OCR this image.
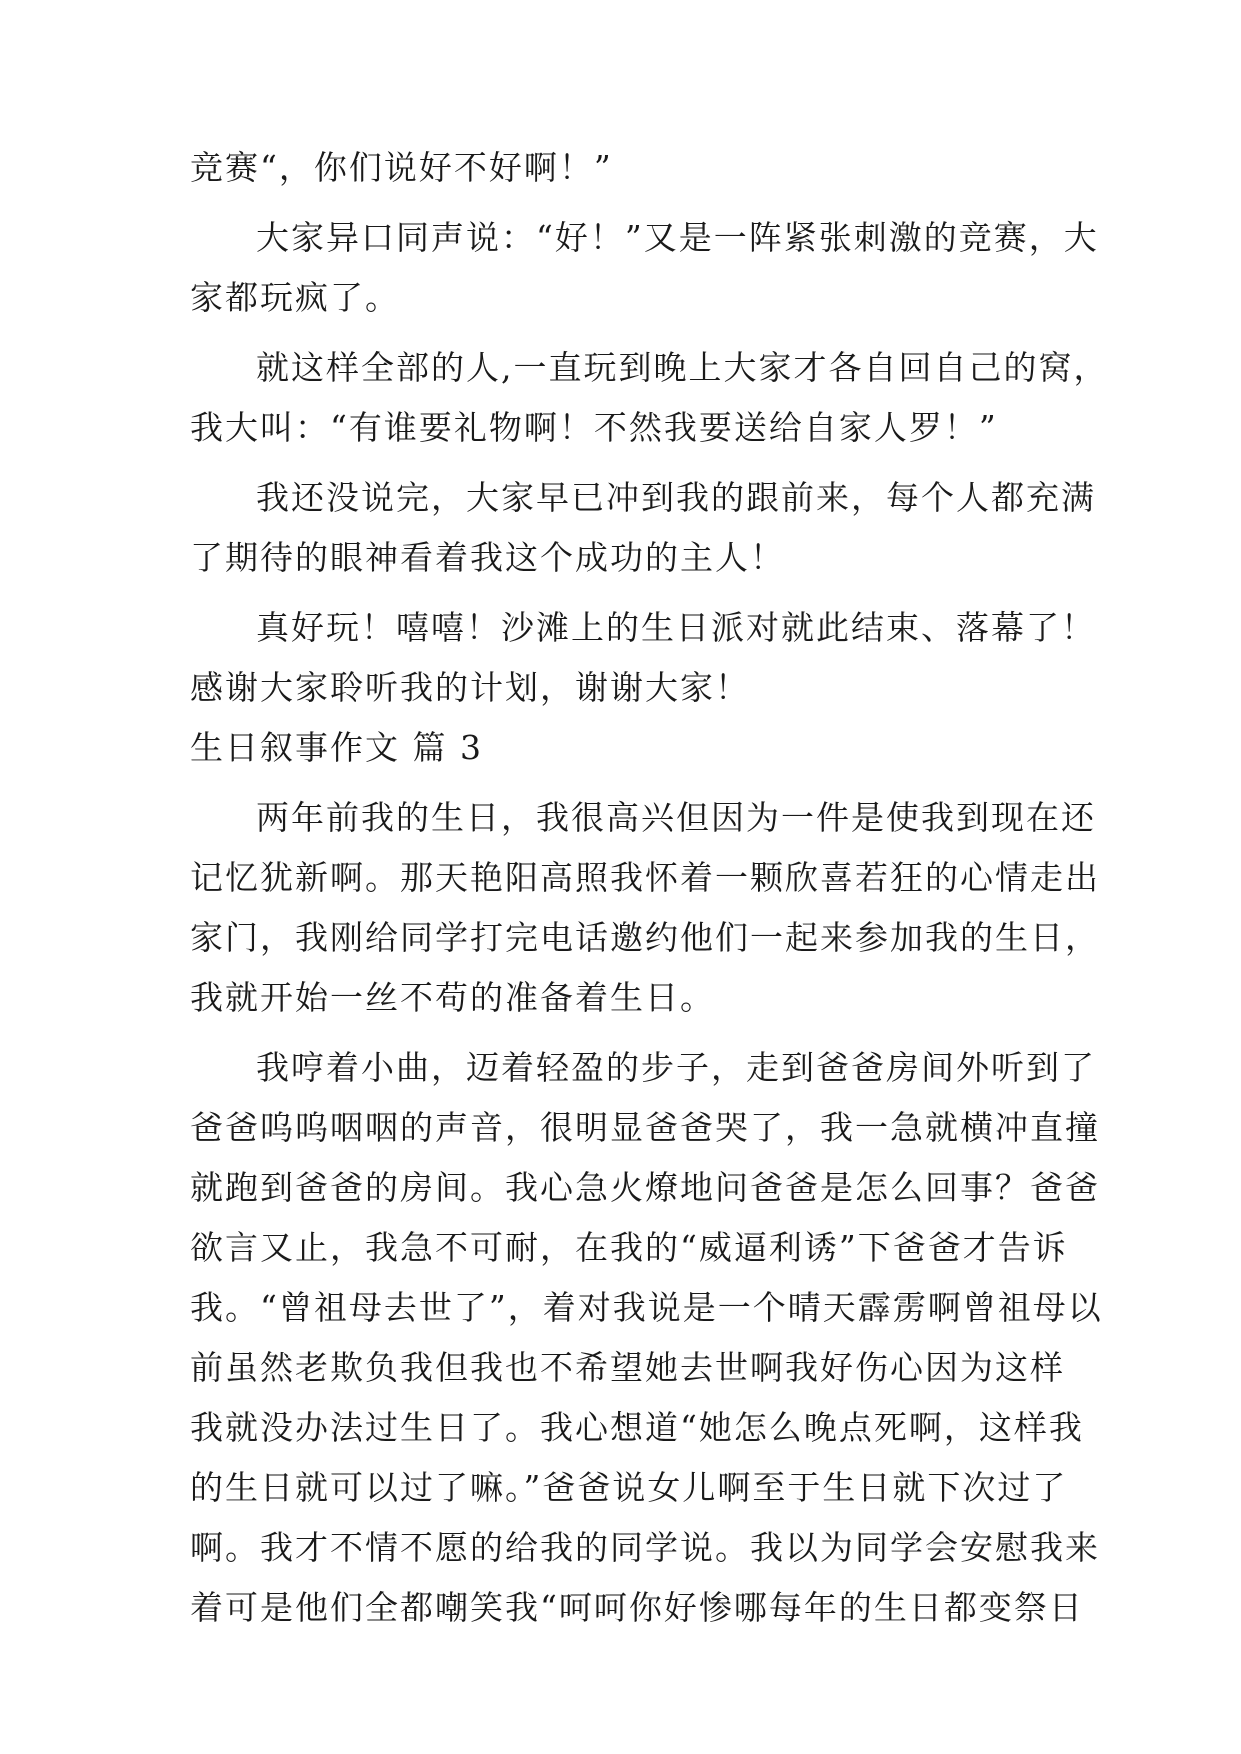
竞赛“，你们说好不好啊！”
大家异口同声说：“好！”又是一阵紧张刺激的竞赛，大
家都玩疯了。
就这样全部的人,一直玩到晚上大家才各自回自己的窝，
我大叫：“有谁要礼物啊！不然我要送给自家人罗！”
我还没说完，大家早已冲到我的跟前来，每个人都充满
了期待的眼神看着我这个成功的主人！
真好玩！嘻嘻！沙滩上的生日派对就此结束、落幕了！
感谢大家聆听我的计划，谢谢大家！
生日叙事作文 篇 3
两年前我的生日，我很高兴但因为一件是使我到现在还
记忆犹新啊。那天艳阳高照我怀着一颗欣喜若狂的心情走出
家门，我刚给同学打完电话邀约他们一起来参加我的生日，
我就开始一丝不苟的准备着生日。
我哼着小曲，迈着轻盈的步子，走到爸爸房间外听到了
爸爸呜呜咽咽的声音，很明显爸爸哭了，我一急就横冲直撞
就跑到爸爸的房间。我心急火燎地问爸爸是怎么回事？爸爸
欲言又止，我急不可耐，在我的“威逼利诱”下爸爸才告诉
我。“曾祖母去世了”，着对我说是一个晴天霹雳啊曾祖母以
前虽然老欺负我但我也不希望她去世啊我好伤心因为这样
我就没办法过生日了。我心想道“她怎么晚点死啊，这样我
的生日就可以过了嘛。”爸爸说女儿啊至于生日就下次过了
啊。我才不情不愿的给我的同学说。我以为同学会安慰我来
着可是他们全都嘲笑我“呵呵你好惨哪每年的生日都变祭日
